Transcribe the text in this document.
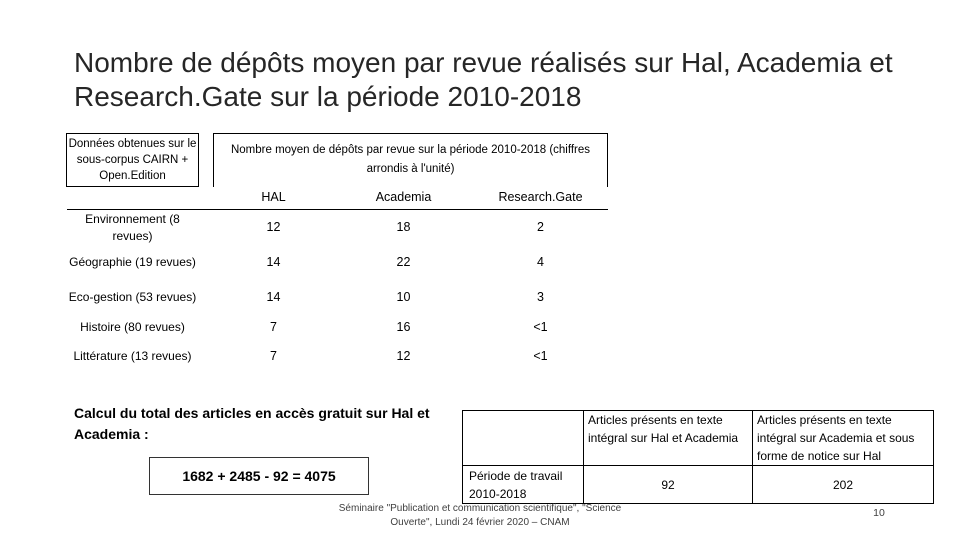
Nombre de dépôts moyen par revue réalisés sur Hal, Academia et Research.Gate sur la période 2010-2018
Données obtenues sur le sous-corpus CAIRN + Open.Edition		Nombre moyen de dépôts par revue sur la période 2010-2018 (chiffres arrondis à l'unité)		
		HAL	Academia	Research.Gate
Environnement (8 revues)		12	18	2
Géographie (19 revues)		14	22	4
Eco-gestion (53 revues)		14	10	3
Histoire (80 revues)		7	16	<1
Littérature (13 revues)		7	12	<1
Calcul du total des articles en accès gratuit sur Hal et Academia :
1682 + 2485 - 92 = 4075
	Articles présents en texte intégral sur Hal et Academia	Articles présents en texte intégral sur Academia et sous forme de notice sur Hal
Période de travail 2010-2018	92	202
Séminaire "Publication et communication scientifique", "Science Ouverte", Lundi 24 février 2020 – CNAM
10
